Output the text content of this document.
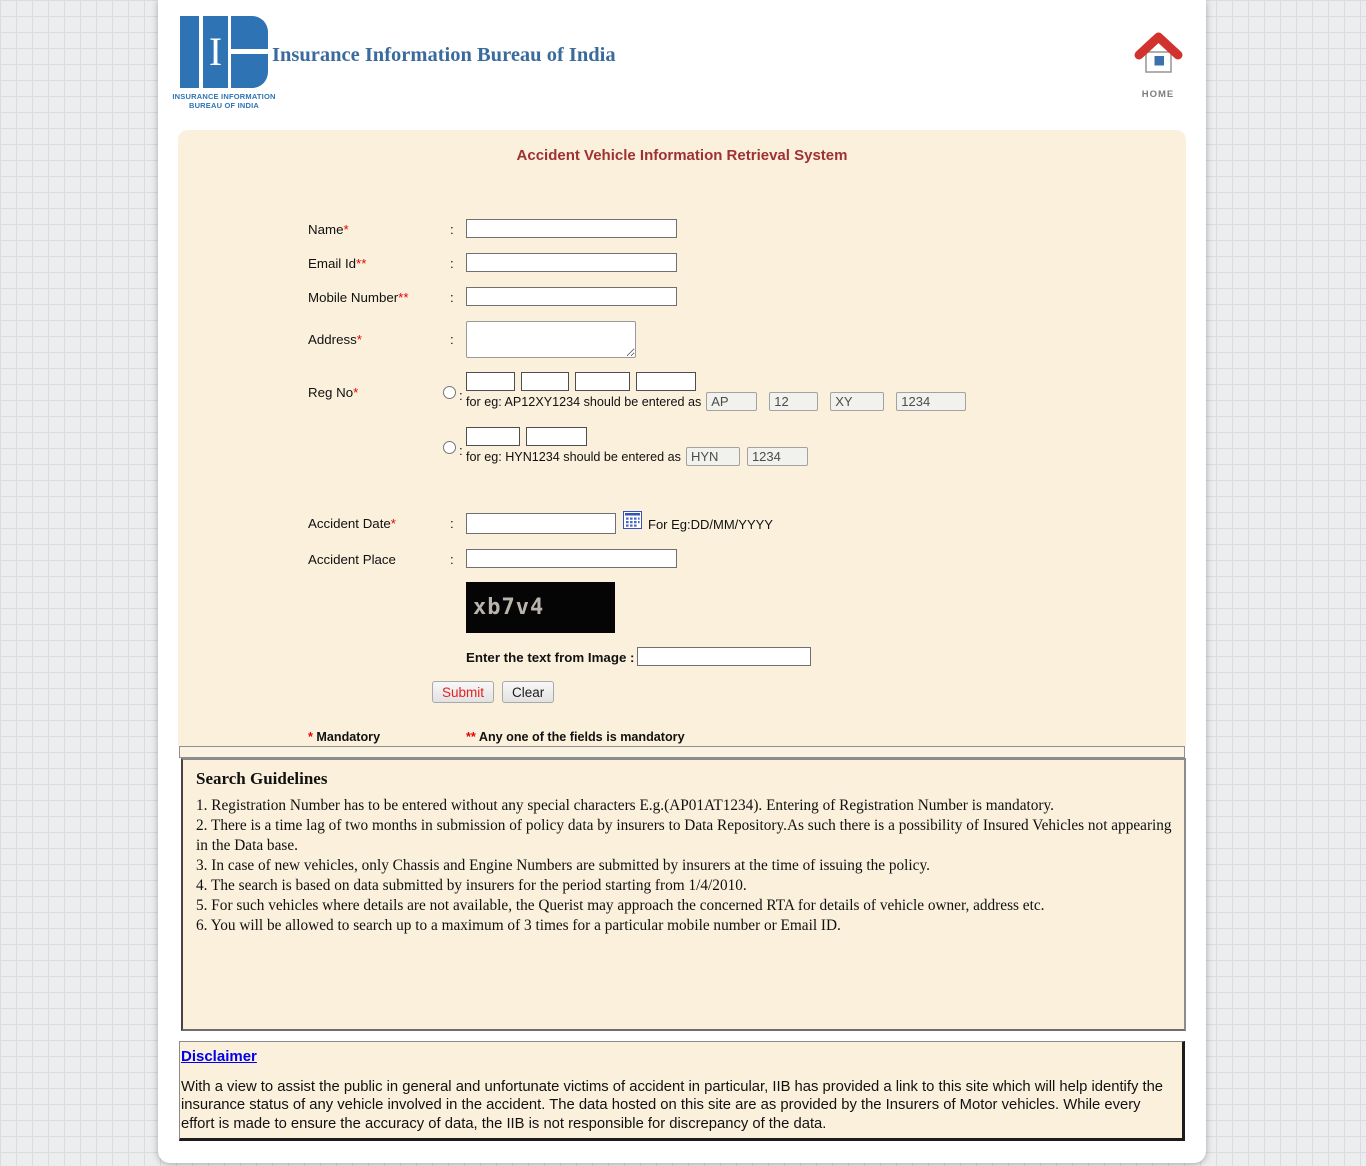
I
INSURANCE INFORMATION
BUREAU OF INDIA
Insurance Information Bureau of India
HOME
Accident Vehicle Information Retrieval System
Name*	:
Email Id**	:
Mobile Number**	:
Address*	:
Reg No*	: for eg: AP12XY1234 should be entered as AP	12	XY	1234
: for eg: HYN1234 should be entered as HYN	1234
Accident Date*	:	For Eg:DD/MM/YYYY
Accident Place	:
xb7v4
Enter the text from Image :
Submit	Clear
* Mandatory	** Any one of the fields is mandatory
Search Guidelines
1. Registration Number has to be entered without any special characters E.g.(AP01AT1234). Entering of Registration Number is mandatory.
2. There is a time lag of two months in submission of policy data by insurers to Data Repository.As such there is a possibility of Insured Vehicles not appearing in the Data base.
3. In case of new vehicles, only Chassis and Engine Numbers are submitted by insurers at the time of issuing the policy.
4. The search is based on data submitted by insurers for the period starting from 1/4/2010.
5. For such vehicles where details are not available, the Querist may approach the concerned RTA for details of vehicle owner, address etc.
6. You will be allowed to search up to a maximum of 3 times for a particular mobile number or Email ID.
Disclaimer

With a view to assist the public in general and unfortunate victims of accident in particular, IIB has provided a link to this site which will help identify the insurance status of any vehicle involved in the accident. The data hosted on this site are as provided by the Insurers of Motor vehicles. While every effort is made to ensure the accuracy of data, the IIB is not responsible for discrepancy of the data.
